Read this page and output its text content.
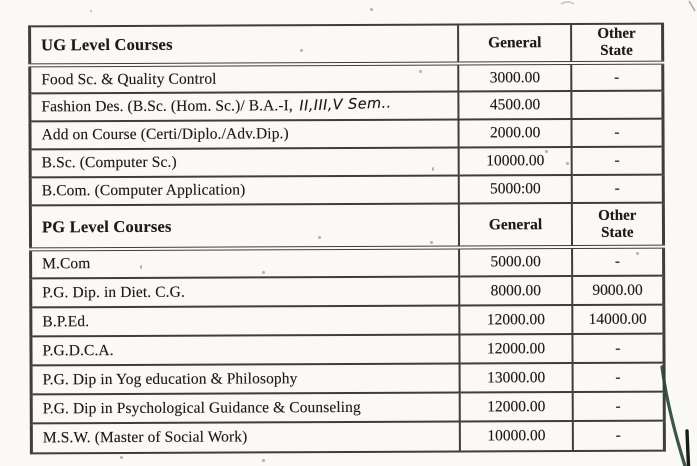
UG Level Courses	General	Other
State

Food Sc. & Quality Control	3000.00	-
Fashion Des. (B.Sc. (Hom. Sc.)/ B.A.-I, II,III,V Sem..	4500.00	
Add on Course (Certi/Diplo./Adv.Dip.)	2000.00	-
B.Sc. (Computer Sc.)	10000.00	-
B.Com. (Computer Application)	5000:00	-
PG Level Courses	General	Other
State

M.Com	5000.00	-
P.G. Dip. in Diet. C.G.	8000.00	9000.00
B.P.Ed.	12000.00	14000.00
P.G.D.C.A.	12000.00	-
P.G. Dip in Yog education & Philosophy	13000.00	-
P.G. Dip in Psychological Guidance & Counseling	12000.00	-
M.S.W. (Master of Social Work)	10000.00	-
